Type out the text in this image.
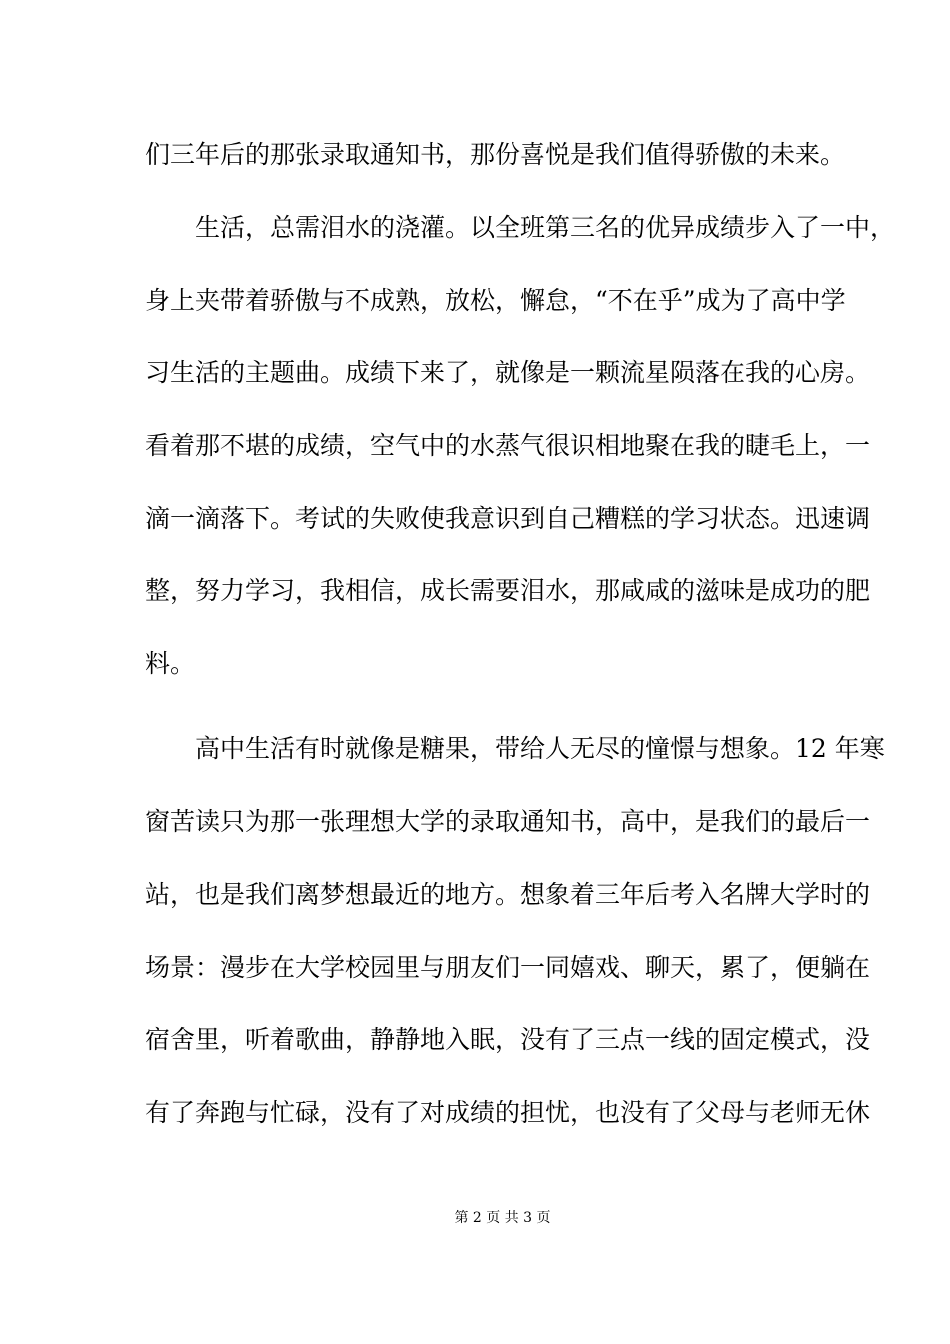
们三年后的那张录取通知书，那份喜悦是我们值得骄傲的未来。
　　生活，总需泪水的浇灌。以全班第三名的优异成绩步入了一中，
身上夹带着骄傲与不成熟，放松，懈怠，“不在乎”成为了高中学
习生活的主题曲。成绩下来了，就像是一颗流星陨落在我的心房。
看着那不堪的成绩，空气中的水蒸气很识相地聚在我的睫毛上，一
滴一滴落下。考试的失败使我意识到自己糟糕的学习状态。迅速调
整，努力学习，我相信，成长需要泪水，那咸咸的滋味是成功的肥
料。
　　高中生活有时就像是糖果，带给人无尽的憧憬与想象。12 年寒
窗苦读只为那一张理想大学的录取通知书，高中，是我们的最后一
站，也是我们离梦想最近的地方。想象着三年后考入名牌大学时的
场景：漫步在大学校园里与朋友们一同嬉戏、聊天，累了，便躺在
宿舍里，听着歌曲，静静地入眠，没有了三点一线的固定模式，没
有了奔跑与忙碌，没有了对成绩的担忧，也没有了父母与老师无休
第 2 页 共 3 页
